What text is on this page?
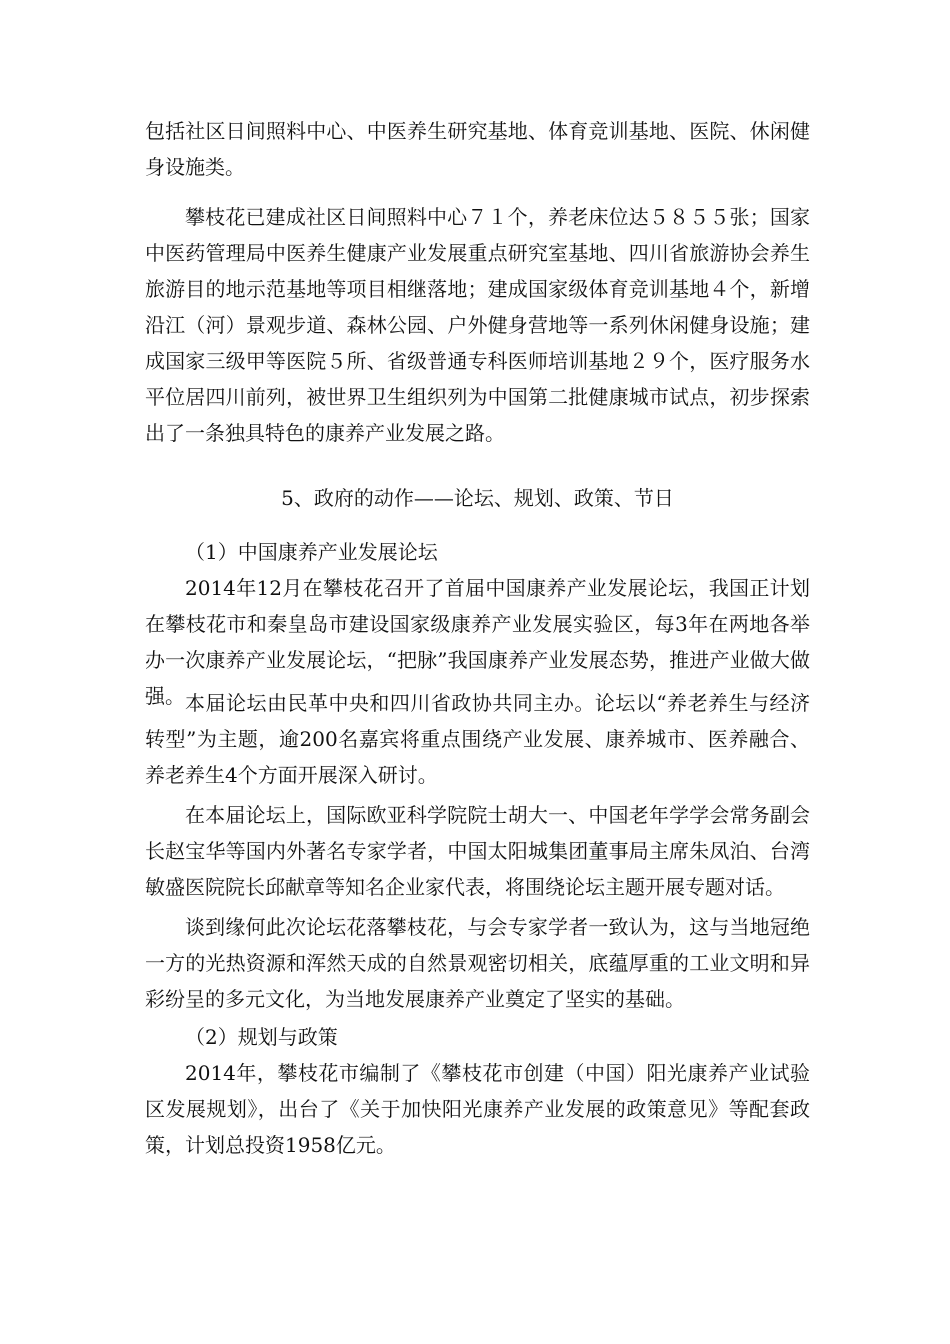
包括社区日间照料中心、中医养生研究基地、体育竞训基地、医院、休闲健身设施类。

攀枝花已建成社区日间照料中心７１个，养老床位达５８５５张；国家中医药管理局中医养生健康产业发展重点研究室基地、四川省旅游协会养生旅游目的地示范基地等项目相继落地；建成国家级体育竞训基地４个，新增沿江（河）景观步道、森林公园、户外健身营地等一系列休闲健身设施；建成国家三级甲等医院５所、省级普通专科医师培训基地２９个，医疗服务水平位居四川前列，被世界卫生组织列为中国第二批健康城市试点，初步探索出了一条独具特色的康养产业发展之路。

5、政府的动作——论坛、规划、政策、节日

（1）中国康养产业发展论坛

2014年12月在攀枝花召开了首届中国康养产业发展论坛，我国正计划在攀枝花市和秦皇岛市建设国家级康养产业发展实验区，每3年在两地各举办一次康养产业发展论坛，“把脉”我国康养产业发展态势，推进产业做大做强。 本届论坛由民革中央和四川省政协共同主办。论坛以“养老养生与经济转型”为主题，逾200名嘉宾将重点围绕产业发展、康养城市、医养融合、养老养生4个方面开展深入研讨。

在本届论坛上，国际欧亚科学院院士胡大一、中国老年学学会常务副会长赵宝华等国内外著名专家学者，中国太阳城集团董事局主席朱凤泊、台湾敏盛医院院长邱献章等知名企业家代表，将围绕论坛主题开展专题对话。

谈到缘何此次论坛花落攀枝花，与会专家学者一致认为，这与当地冠绝一方的光热资源和浑然天成的自然景观密切相关，底蕴厚重的工业文明和异彩纷呈的多元文化，为当地发展康养产业奠定了坚实的基础。

（2）规划与政策

2014年，攀枝花市编制了《攀枝花市创建（中国）阳光康养产业试验区发展规划》，出台了《关于加快阳光康养产业发展的政策意见》等配套政策，计划总投资1958亿元。
